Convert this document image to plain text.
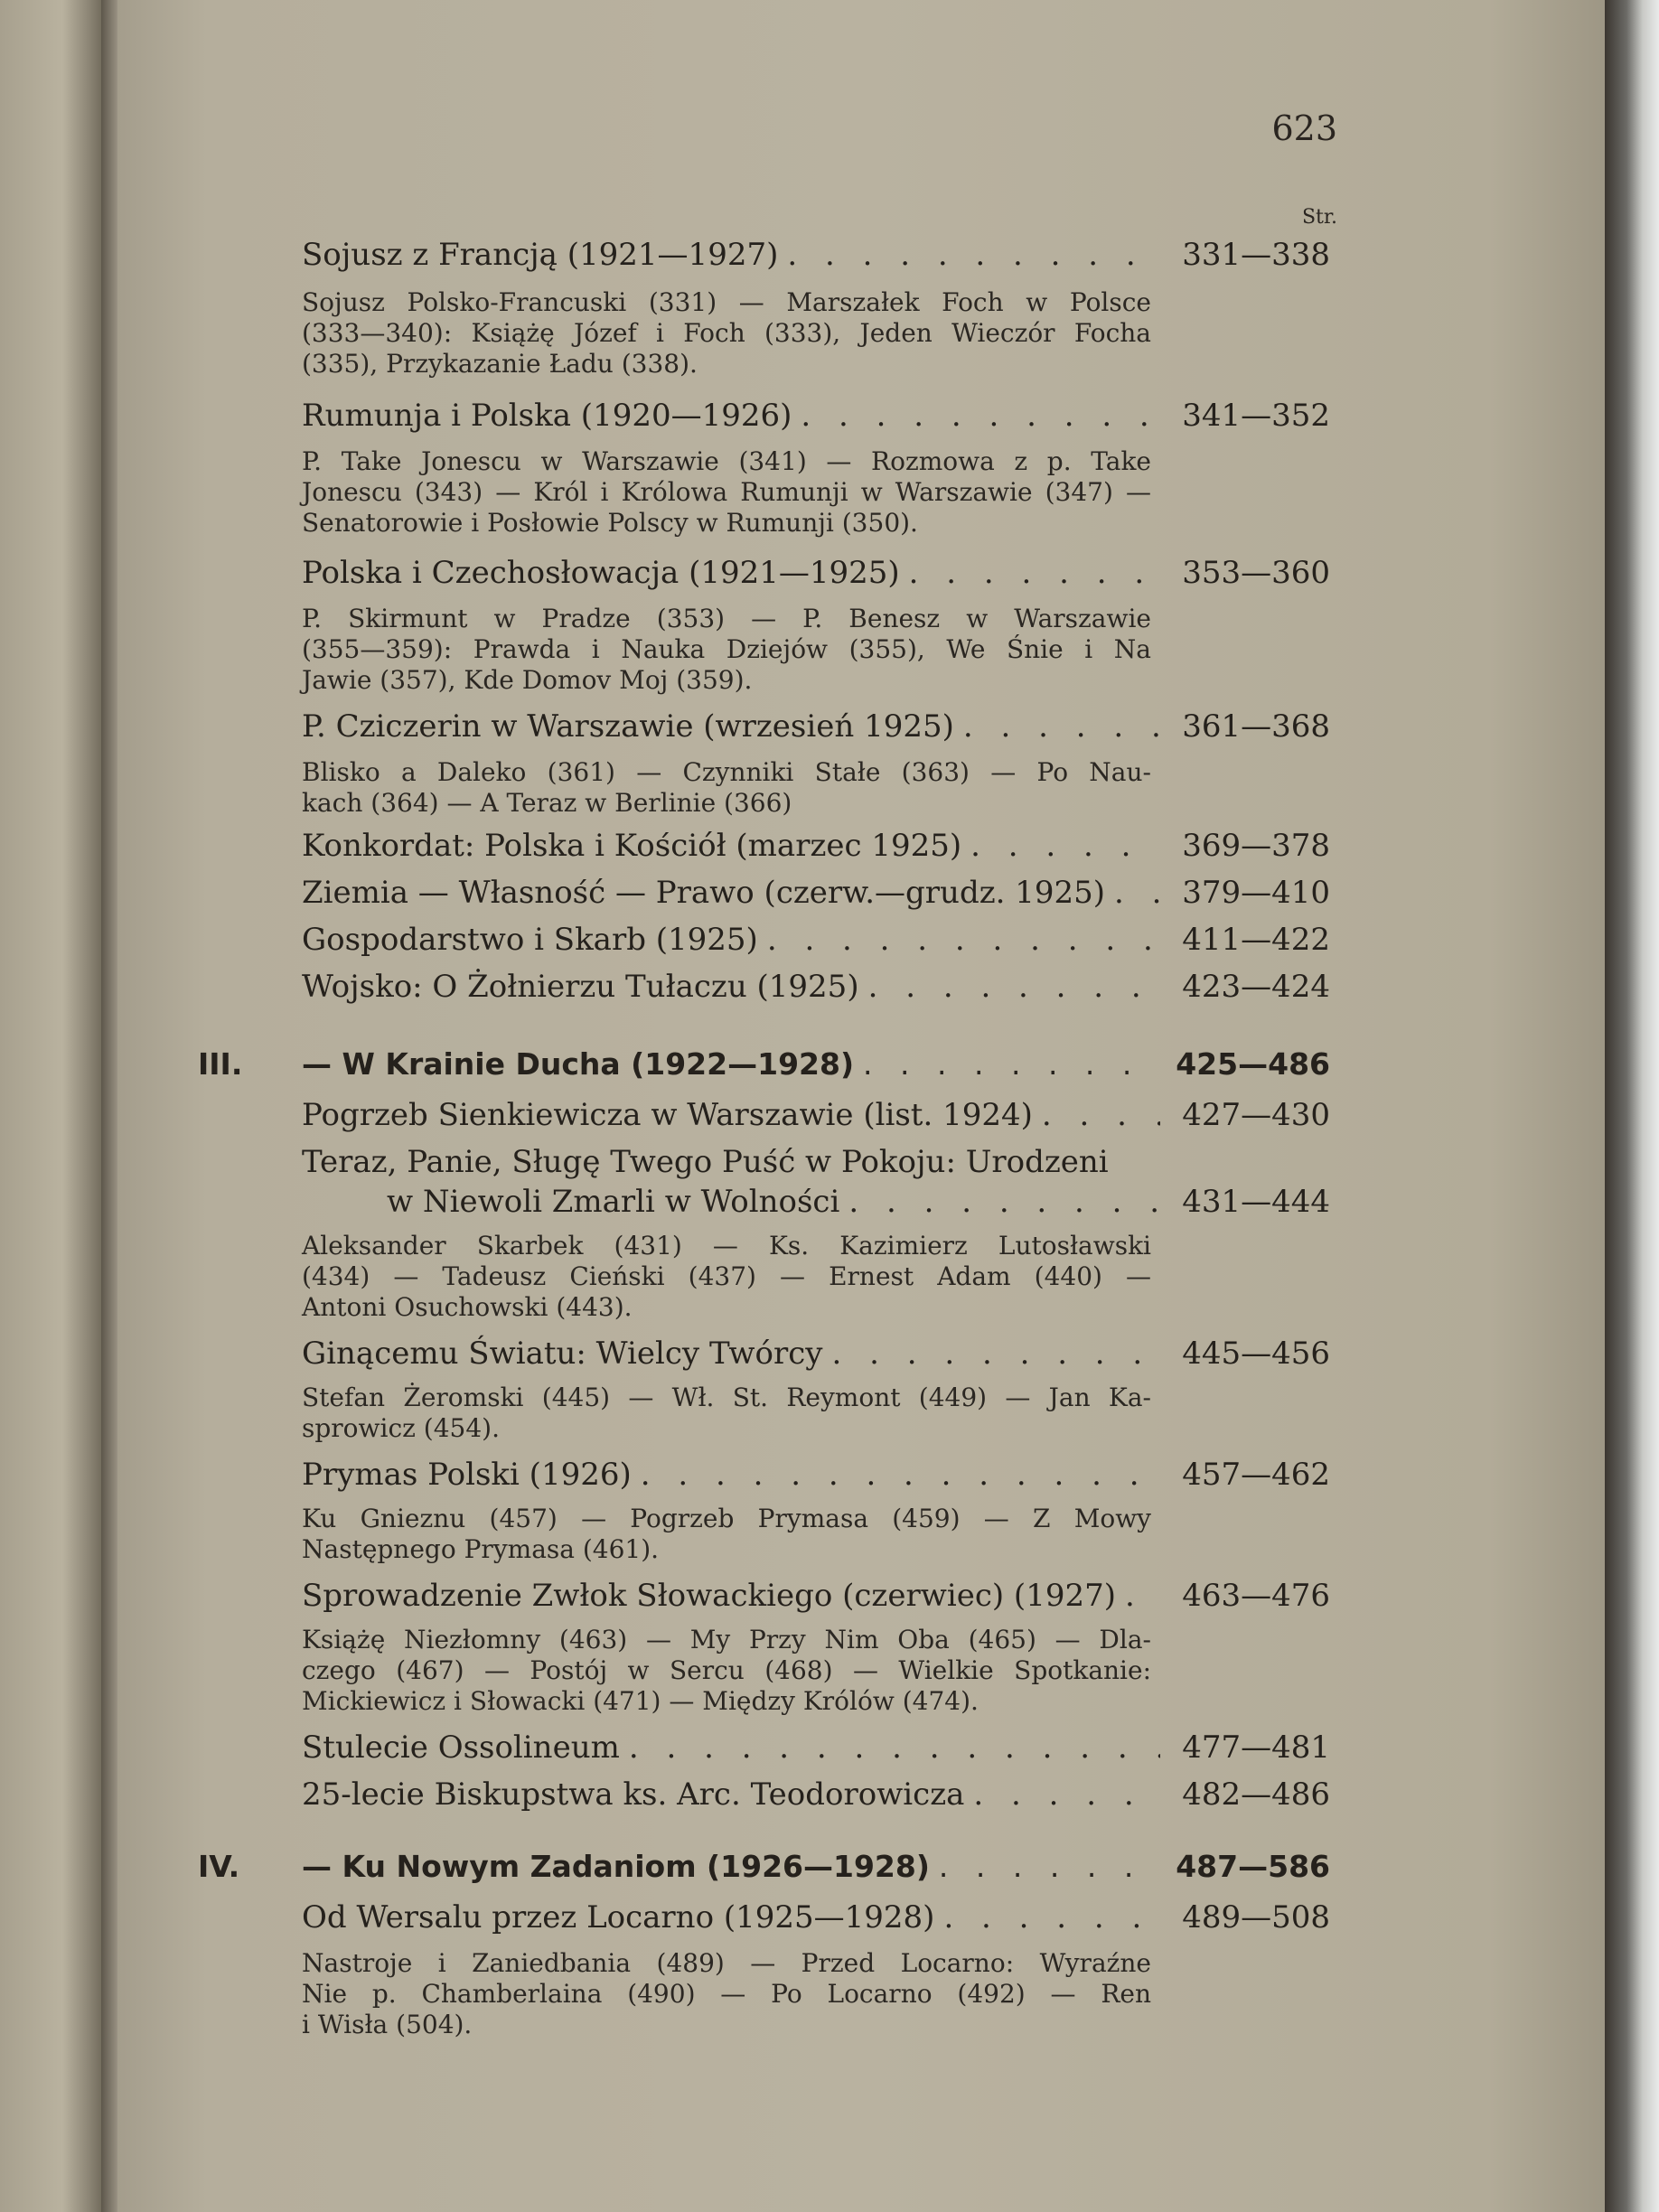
623
Str.
Sojusz z Francją (1921—1927) . . .	331—338
Sojusz Polsko-Francuski (331) — Marszałek Foch w Polsce
(333—340): Książę Józef i Foch (333), Jeden Wieczór Focha
(335), Przykazanie Ładu (338).
Rumunja i Polska (1920—1926) . . .	341—352
P. Take Jonescu w Warszawie (341) — Rozmowa z p. Take
Jonescu (343) — Król i Królowa Rumunji w Warszawie (347) —
Senatorowie i Posłowie Polscy w Rumunji (350).
Polska i Czechosłowacja (1921—1925) . . .	353—360
P. Skirmunt w Pradze (353) — P. Benesz w Warszawie
(355—359): Prawda i Nauka Dziejów (355), We Śnie i Na
Jawie (357), Kde Domov Moj (359).
P. Cziczerin w Warszawie (wrzesień 1925) . . .	361—368
Blisko a Daleko (361) — Czynniki Stałe (363) — Po Nau-
kach (364) — A Teraz w Berlinie (366)
Konkordat: Polska i Kościół (marzec 1925) . . .	369—378
Ziemia — Własność — Prawo (czerw.—grudz. 1925) . . .	379—410
Gospodarstwo i Skarb (1925) . . .	411—422
Wojsko: O Żołnierzu Tułaczu (1925) . . .	423—424
III.	— W Krainie Ducha (1922—1928) . . .	425—486
Pogrzeb Sienkiewicza w Warszawie (list. 1924) . . .	427—430
Teraz, Panie, Sługę Twego Puść w Pokoju: Urodzeni
w Niewoli Zmarli w Wolności . . .	431—444
Aleksander Skarbek (431) — Ks. Kazimierz Lutosławski
(434) — Tadeusz Cieński (437) — Ernest Adam (440) —
Antoni Osuchowski (443).
Ginącemu Światu: Wielcy Twórcy . . .	445—456
Stefan Żeromski (445) — Wł. St. Reymont (449) — Jan Ka-
sprowicz (454).
Prymas Polski (1926) . . .	457—462
Ku Gnieznu (457) — Pogrzeb Prymasa (459) — Z Mowy
Następnego Prymasa (461).
Sprowadzenie Zwłok Słowackiego (czerwiec) (1927) . . .	463—476
Książę Niezłomny (463) — My Przy Nim Oba (465) — Dla-
czego (467) — Postój w Sercu (468) — Wielkie Spotkanie:
Mickiewicz i Słowacki (471) — Między Królów (474).
Stulecie Ossolineum . . .	477—481
25-lecie Biskupstwa ks. Arc. Teodorowicza . . .	482—486
IV.	— Ku Nowym Zadaniom (1926—1928) . . .	487—586
Od Wersalu przez Locarno (1925—1928) . . .	489—508
Nastroje i Zaniedbania (489) — Przed Locarno: Wyraźne
Nie p. Chamberlaina (490) — Po Locarno (492) — Ren
i Wisła (504).
